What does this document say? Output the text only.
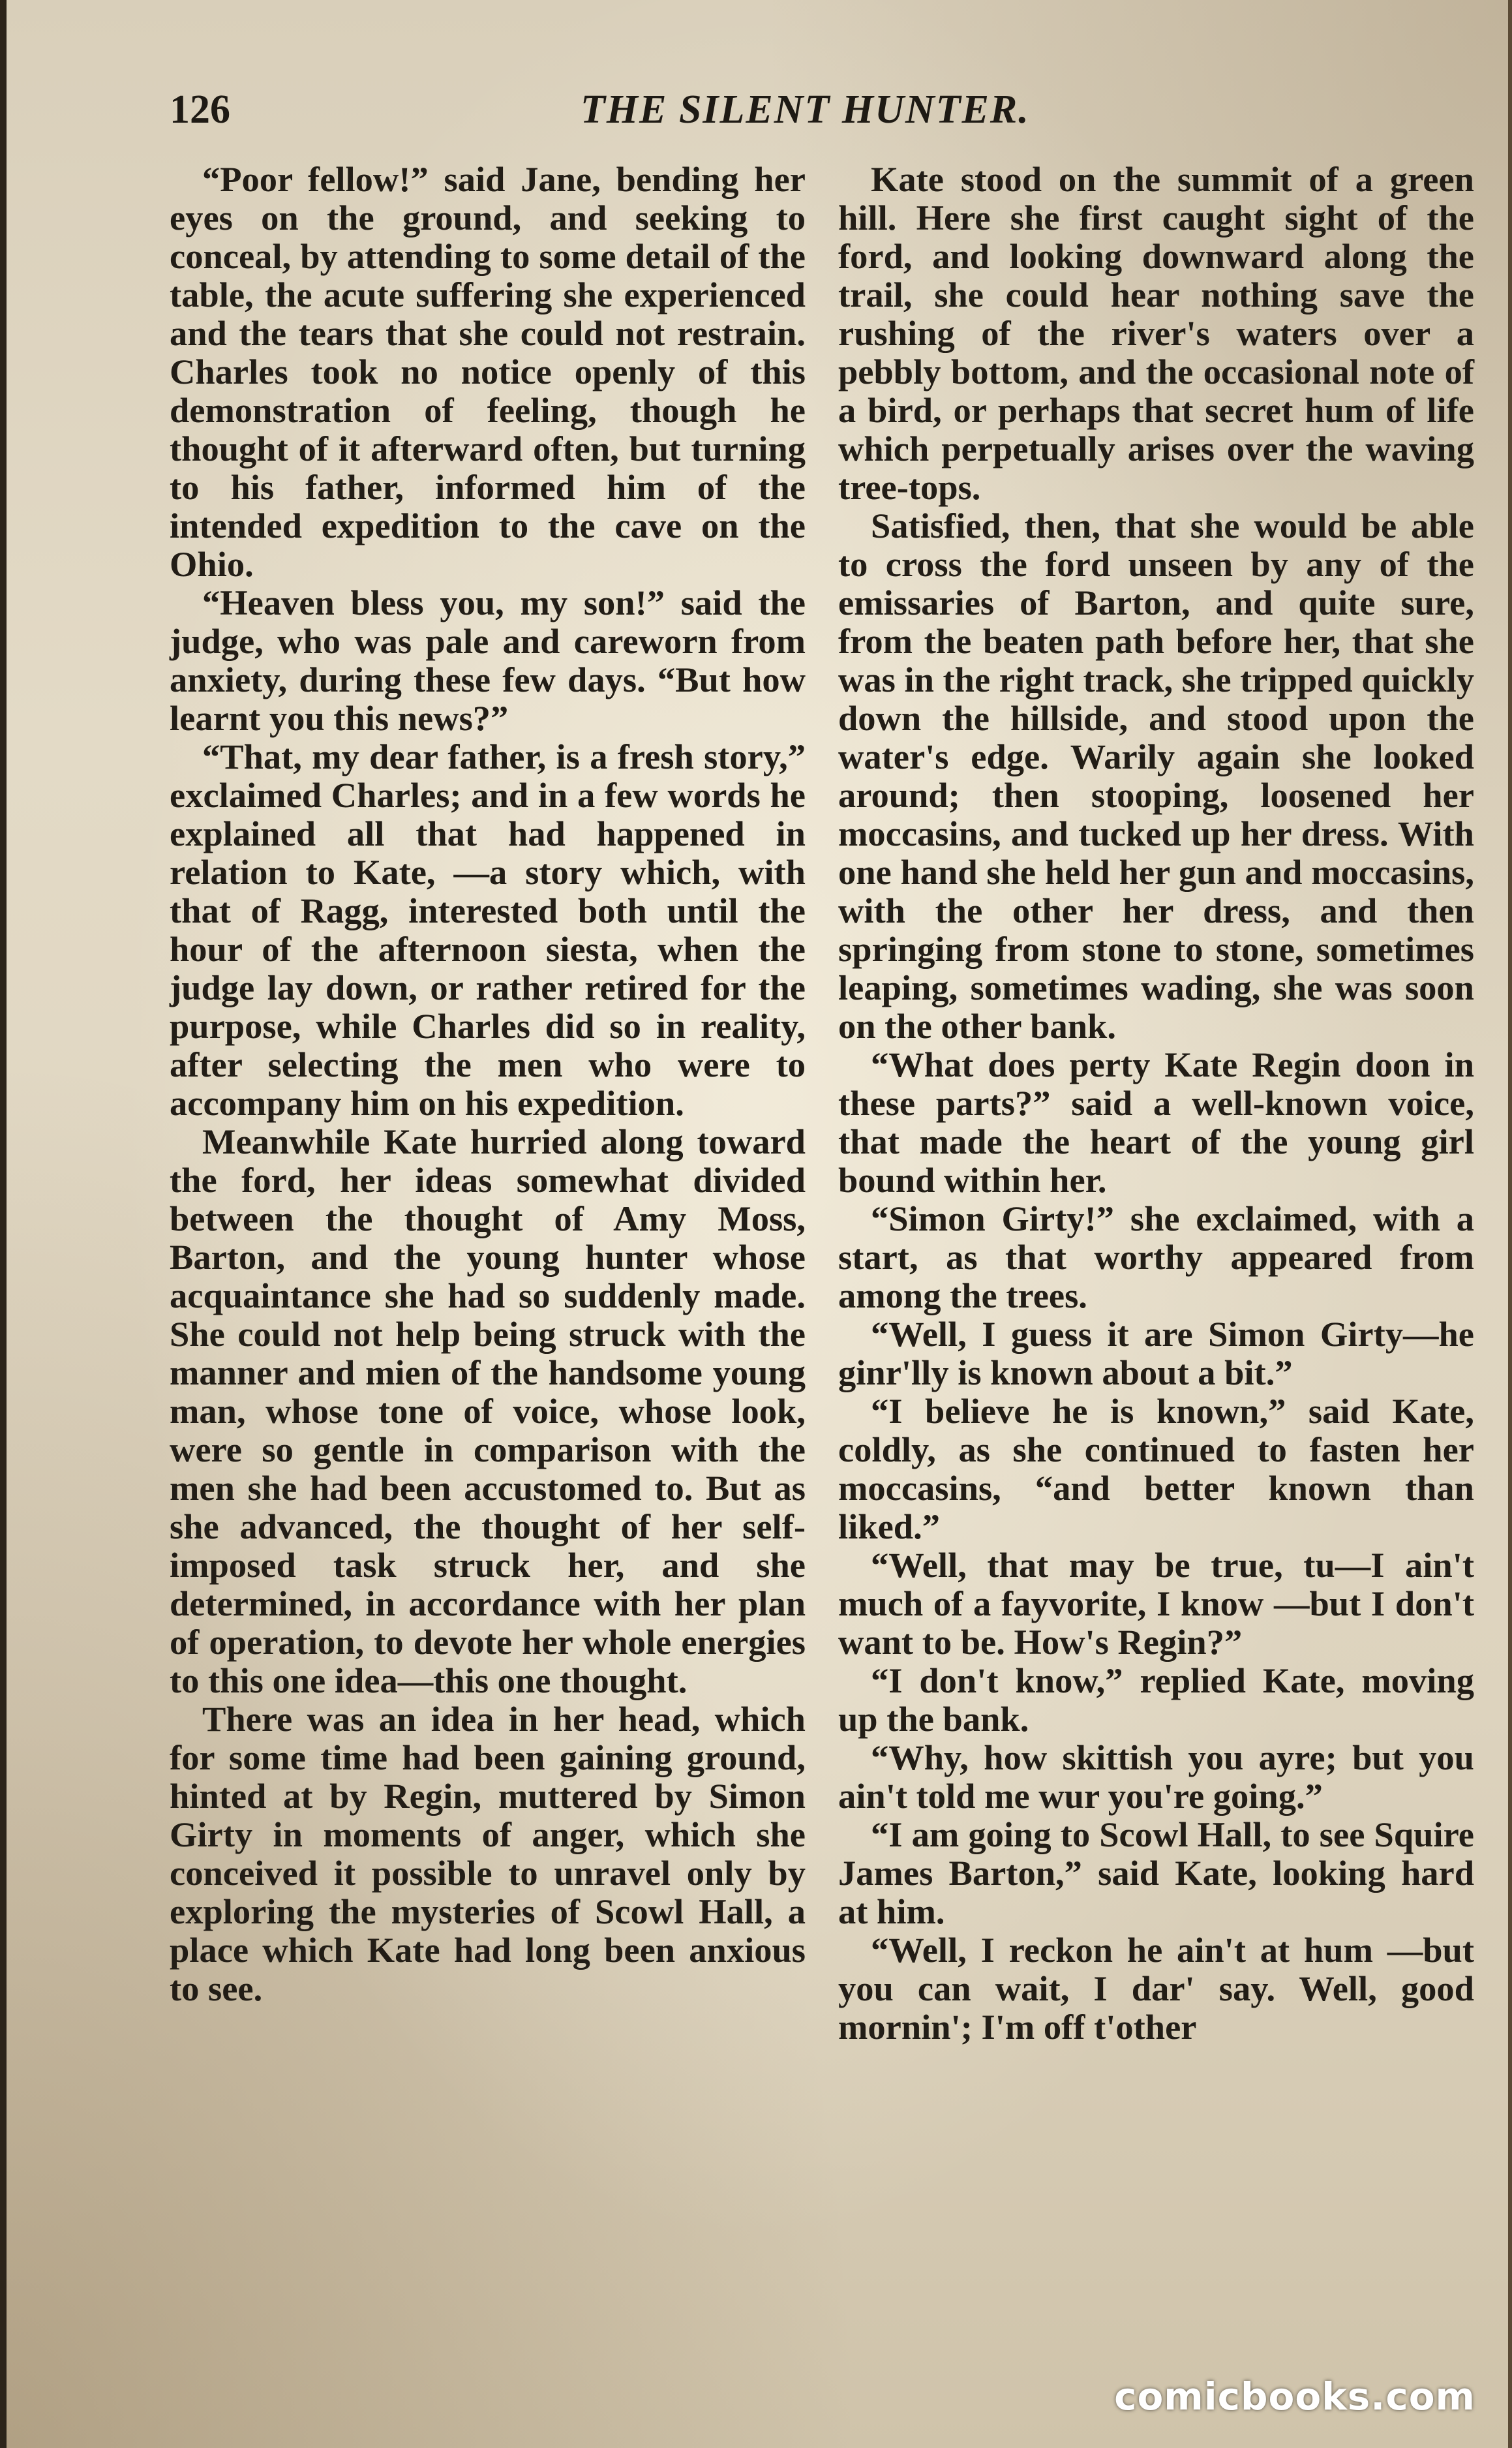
126	THE SILENT HUNTER.

“Poor fellow!” said Jane, bending her eyes on the ground, and seeking to conceal, by attending to some detail of the table, the acute suffering she experienced and the tears that she could not restrain. Charles took no notice openly of this demonstration of feeling, though he thought of it afterward often, but turning to his father, informed him of the intended expedition to the cave on the Ohio.

“Heaven bless you, my son!” said the judge, who was pale and careworn from anxiety, during these few days. “But how learnt you this news?”

“That, my dear father, is a fresh story,” exclaimed Charles; and in a few words he explained all that had happened in relation to Kate, —a story which, with that of Ragg, interested both until the hour of the afternoon siesta, when the judge lay down, or rather retired for the purpose, while Charles did so in reality, after selecting the men who were to accompany him on his expedition.

Meanwhile Kate hurried along toward the ford, her ideas somewhat divided between the thought of Amy Moss, Barton, and the young hunter whose acquaintance she had so suddenly made. She could not help being struck with the manner and mien of the handsome young man, whose tone of voice, whose look, were so gentle in comparison with the men she had been accustomed to. But as she advanced, the thought of her self-imposed task struck her, and she determined, in accordance with her plan of operation, to devote her whole energies to this one idea—this one thought.

There was an idea in her head, which for some time had been gaining ground, hinted at by Regin, muttered by Simon Girty in moments of anger, which she conceived it possible to unravel only by exploring the mysteries of Scowl Hall, a place which Kate had long been anxious to see.

Kate stood on the summit of a green hill. Here she first caught sight of the ford, and looking downward along the trail, she could hear nothing save the rushing of the river's waters over a pebbly bottom, and the occasional note of a bird, or perhaps that secret hum of life which perpetually arises over the waving tree-tops.

Satisfied, then, that she would be able to cross the ford unseen by any of the emissaries of Barton, and quite sure, from the beaten path before her, that she was in the right track, she tripped quickly down the hillside, and stood upon the water's edge. Warily again she looked around; then stooping, loosened her moccasins, and tucked up her dress. With one hand she held her gun and moccasins, with the other her dress, and then springing from stone to stone, sometimes leaping, sometimes wading, she was soon on the other bank.

“What does perty Kate Regin doon in these parts?” said a well-known voice, that made the heart of the young girl bound within her.

“Simon Girty!” she exclaimed, with a start, as that worthy appeared from among the trees.

“Well, I guess it are Simon Girty—he ginr'lly is known about a bit.”

“I believe he is known,” said Kate, coldly, as she continued to fasten her moccasins, “and better known than liked.”

“Well, that may be true, tu—I ain't much of a fayvorite, I know —but I don't want to be. How's Regin?”

“I don't know,” replied Kate, moving up the bank.

“Why, how skittish you ayre; but you ain't told me wur you're going.”

“I am going to Scowl Hall, to see Squire James Barton,” said Kate, looking hard at him.

“Well, I reckon he ain't at hum —but you can wait, I dar' say. Well, good mornin'; I'm off t'other

comicbooks.com
